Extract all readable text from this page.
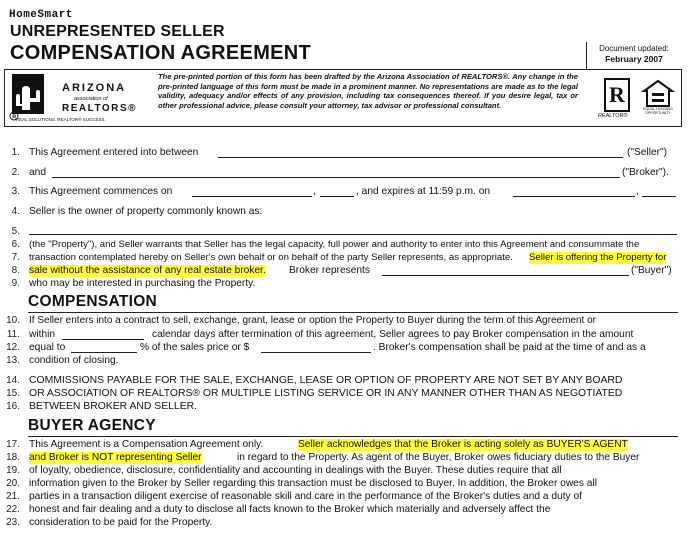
HomeSmart
UNREPRESENTED SELLER
COMPENSATION AGREEMENT	Document updated:
February 2007
R
ARIZONA
association of
REALTORS®
REAL SOLUTIONS. REALTOR® SUCCESS.
The pre-printed portion of this form has been drafted by the Arizona Association of REALTORS®. Any change in the pre-printed language of this form must be made in a prominent manner. No representations are made as to the legal validity, adequacy and/or effects of any provision, including tax consequences thereof. If you desire legal, tax or other professional advice, please consult your attorney, tax advisor or professional consultant.	R
REALTOR®
EQUAL HOUSING OPPORTUNITY
1. This Agreement entered into between	("Seller")
2. and	("Broker").
3. This Agreement commences on	,	, and expires at 11:59 p.m. on	,
4. Seller is the owner of property commonly known as:
5.
6. (the "Property"), and Seller warrants that Seller has the legal capacity, full power and authority to enter into this Agreement and consummate the
7. transaction contemplated hereby on Seller's own behalf or on behalf of the party Seller represents, as appropriate. Seller is offering the Property for
8. sale without the assistance of any real estate broker. Broker represents	("Buyer")
9. who may be interested in purchasing the Property.
COMPENSATION
10. If Seller enters into a contract to sell, exchange, grant, lease or option the Property to Buyer during the term of this Agreement or
11. within	calendar days after termination of this agreement, Seller agrees to pay Broker compensation in the amount
12. equal to	% of the sales price or $	. Broker's compensation shall be paid at the time of and as a
13. condition of closing.
14. COMMISSIONS PAYABLE FOR THE SALE, EXCHANGE, LEASE OR OPTION OF PROPERTY ARE NOT SET BY ANY BOARD
15. OR ASSOCIATION OF REALTORS® OR MULTIPLE LISTING SERVICE OR IN ANY MANNER OTHER THAN AS NEGOTIATED
16. BETWEEN BROKER AND SELLER.
BUYER AGENCY
17. This Agreement is a Compensation Agreement only.	Seller acknowledges that the Broker is acting solely as BUYER'S AGENT
18. and Broker is NOT representing Seller	in regard to the Property. As agent of the Buyer, Broker owes fiduciary duties to the Buyer
19. of loyalty, obedience, disclosure, confidentiality and accounting in dealings with the Buyer. These duties require that all
20. information given to the Broker by Seller regarding this transaction must be disclosed to Buyer. In addition, the Broker owes all
21. parties in a transaction diligent exercise of reasonable skill and care in the performance of the Broker's duties and a duty of
22. honest and fair dealing and a duty to disclose all facts known to the Broker which materially and adversely affect the
23. consideration to be paid for the Property.
